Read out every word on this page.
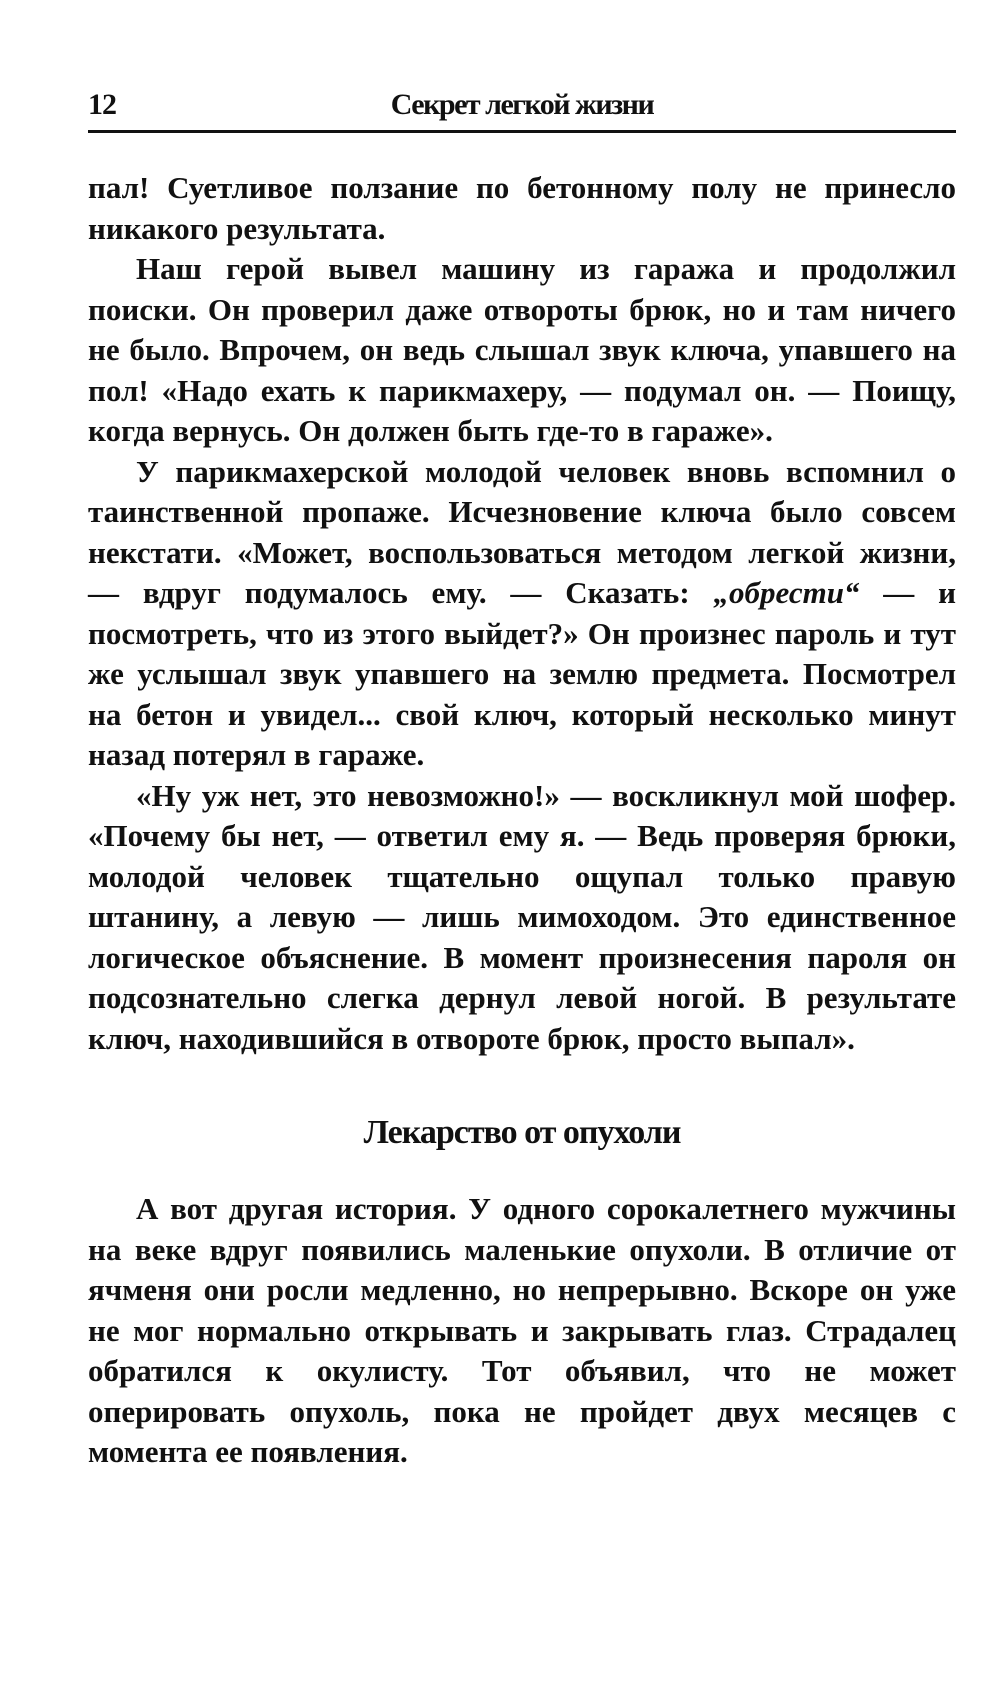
12	Секрет легкой жизни

пал! Суетливое ползание по бетонному полу не принесло никакого результата.

Наш герой вывел машину из гаража и продолжил поиски. Он проверил даже отвороты брюк, но и там ничего не было. Впрочем, он ведь слышал звук ключа, упавшего на пол! «Надо ехать к парикмахеру, — подумал он. — Поищу, когда вернусь. Он должен быть где-то в гараже».

У парикмахерской молодой человек вновь вспомнил о таинственной пропаже. Исчезновение ключа было совсем некстати. «Может, воспользоваться методом легкой жизни, — вдруг подумалось ему. — Сказать: „обрести“ — и посмотреть, что из этого выйдет?» Он произнес пароль и тут же услышал звук упавшего на землю предмета. Посмотрел на бетон и увидел... свой ключ, который несколько минут назад потерял в гараже.

«Ну уж нет, это невозможно!» — воскликнул мой шофер. «Почему бы нет, — ответил ему я. — Ведь проверяя брюки, молодой человек тщательно ощупал только правую штанину, а левую — лишь мимоходом. Это единственное логическое объяснение. В момент произнесения пароля он подсознательно слегка дернул левой ногой. В результате ключ, находившийся в отвороте брюк, просто выпал».

Лекарство от опухоли

А вот другая история. У одного сорокалетнего мужчины на веке вдруг появились маленькие опухоли. В отличие от ячменя они росли медленно, но непрерывно. Вскоре он уже не мог нормально открывать и закрывать глаз. Страдалец обратился к окулисту. Тот объявил, что не может оперировать опухоль, пока не пройдет двух месяцев с момента ее появления.
